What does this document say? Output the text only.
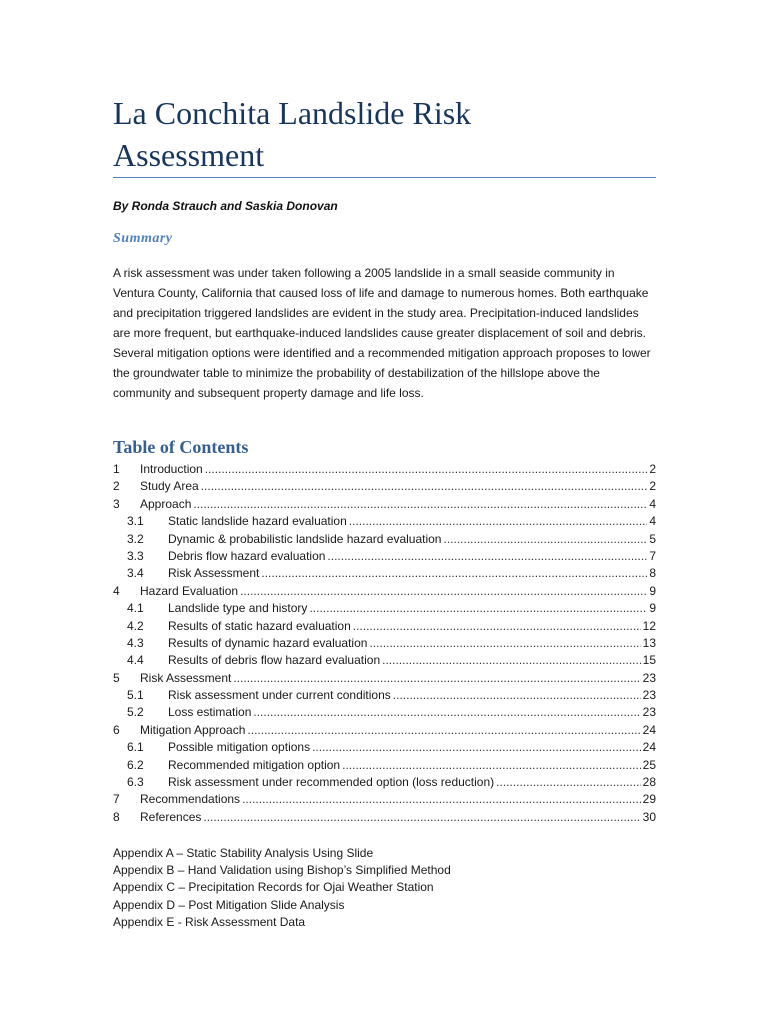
La Conchita Landslide Risk
Assessment
By Ronda Strauch and Saskia Donovan
Summary

A risk assessment was under taken following a 2005 landslide in a small seaside community in Ventura County, California that caused loss of life and damage to numerous homes. Both earthquake and precipitation triggered landslides are evident in the study area. Precipitation-induced landslides are more frequent, but earthquake-induced landslides cause greater displacement of soil and debris. Several mitigation options were identified and a recommended mitigation approach proposes to lower the groundwater table to minimize the probability of destabilization of the hillslope above the community and subsequent property damage and life loss.

Table of Contents
1	Introduction .....	2
2	Study Area .....	2
3	Approach .....	4
3.1	Static landslide hazard evaluation .....	4
3.2	Dynamic & probabilistic landslide hazard evaluation .....	5
3.3	Debris flow hazard evaluation .....	7
3.4	Risk Assessment .....	8
4	Hazard Evaluation .....	9
4.1	Landslide type and history .....	9
4.2	Results of static hazard evaluation .....	12
4.3	Results of dynamic hazard evaluation .....	13
4.4	Results of debris flow hazard evaluation .....	15
5	Risk Assessment .....	23
5.1	Risk assessment under current conditions .....	23
5.2	Loss estimation .....	23
6	Mitigation Approach .....	24
6.1	Possible mitigation options .....	24
6.2	Recommended mitigation option .....	25
6.3	Risk assessment under recommended option (loss reduction) .....	28
7	Recommendations .....	29
8	References .....	30
Appendix A – Static Stability Analysis Using Slide
Appendix B – Hand Validation using Bishop’s Simplified Method
Appendix C – Precipitation Records for Ojai Weather Station
Appendix D – Post Mitigation Slide Analysis
Appendix E - Risk Assessment Data
